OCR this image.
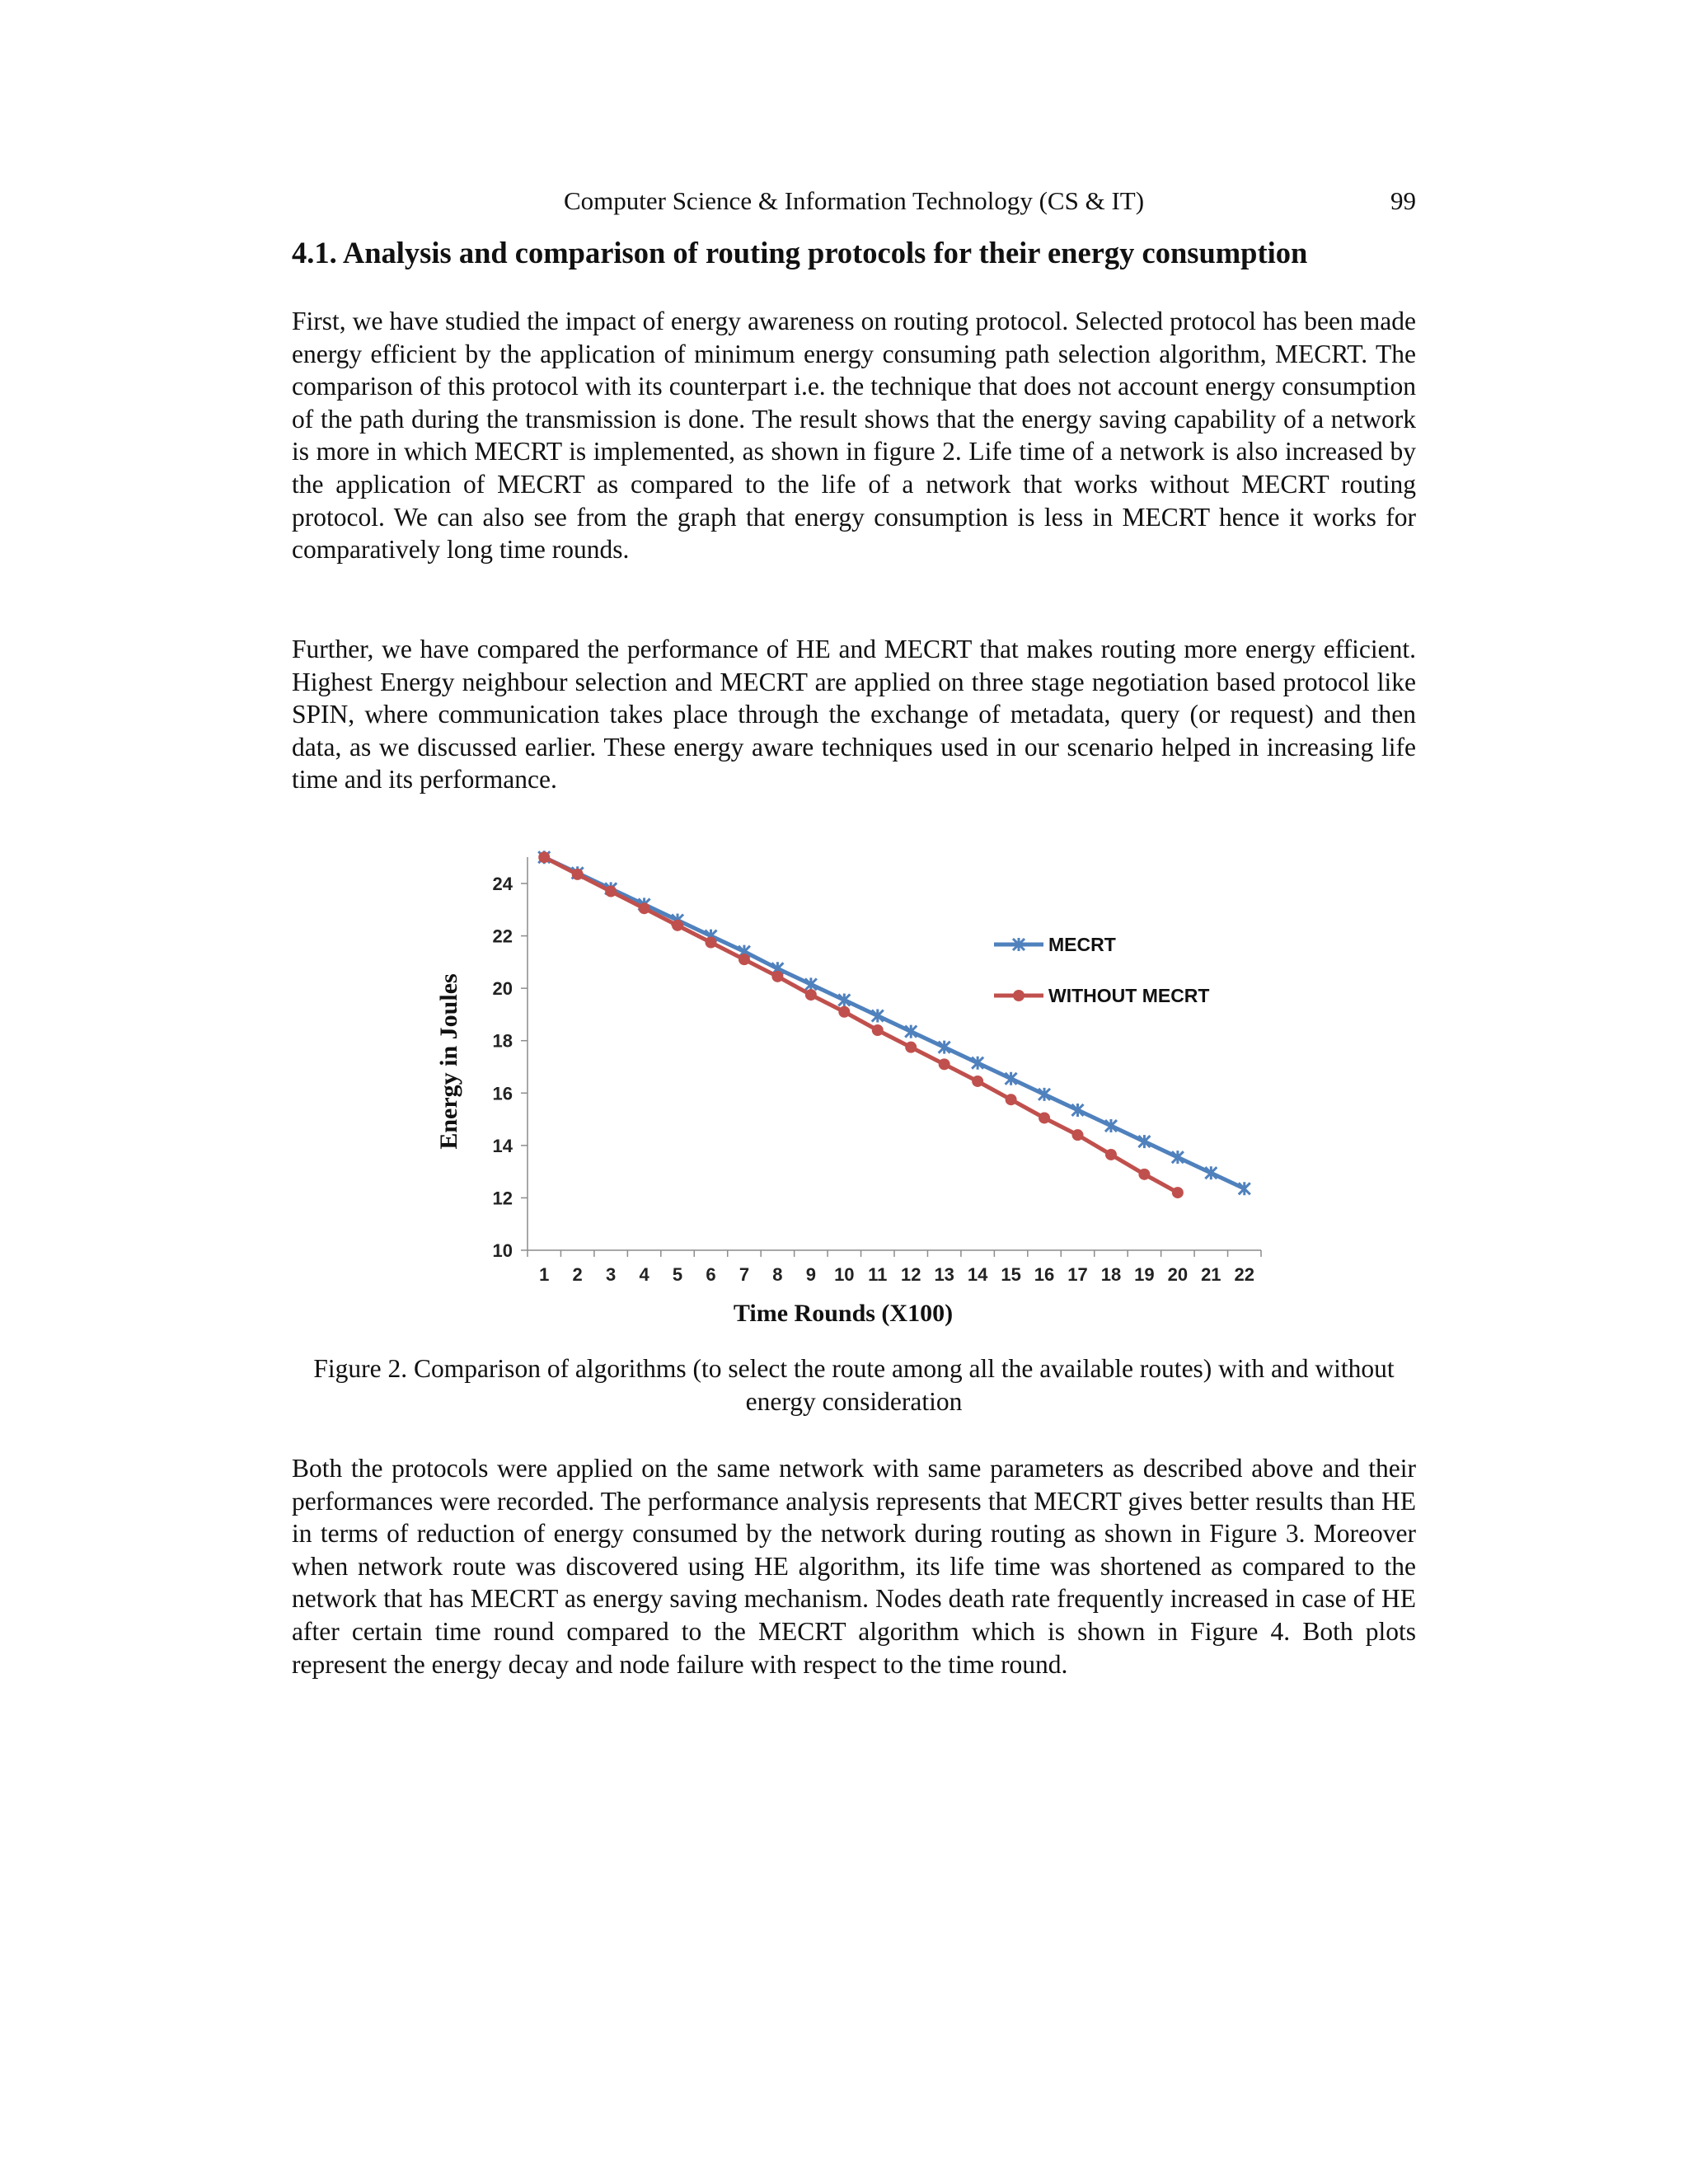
Computer Science & Information Technology (CS & IT)	99
4.1. Analysis and comparison of routing protocols for their energy consumption

First, we have studied the impact of energy awareness on routing protocol. Selected protocol has been made energy efficient by the application of minimum energy consuming path selection algorithm, MECRT. The comparison of this protocol with its counterpart i.e. the technique that does not account energy consumption of the path during the transmission is done. The result shows that the energy saving capability of a network is more in which MECRT is implemented, as shown in figure 2. Life time of a network is also increased by the application of MECRT as compared to the life of a network that works without MECRT routing protocol. We can also see from the graph that energy consumption is less in MECRT hence it works for comparatively long time rounds.

Further, we have compared the performance of HE and MECRT that makes routing more energy efficient. Highest Energy neighbour selection and MECRT are applied on three stage negotiation based protocol like SPIN, where communication takes place through the exchange of metadata, query (or request) and then data, as we discussed earlier. These energy aware techniques used in our scenario helped in increasing life time and its performance.

10
12
14
16
18
20
22
24
1 2 3 4 5 6 7 8 9 10 11 12 13 14 15 16 17 18 19 20 21 22
Time Rounds (X100)
Energy in Joules
MECRT
WITHOUT MECRT

Figure 2. Comparison of algorithms (to select the route among all the available routes) with and without energy consideration

Both the protocols were applied on the same network with same parameters as described above and their performances were recorded. The performance analysis represents that MECRT gives better results than HE in terms of reduction of energy consumed by the network during routing as shown in Figure 3. Moreover when network route was discovered using HE algorithm, its life time was shortened as compared to the network that has MECRT as energy saving mechanism. Nodes death rate frequently increased in case of HE after certain time round compared to the MECRT algorithm which is shown in Figure 4. Both plots represent the energy decay and node failure with respect to the time round.
